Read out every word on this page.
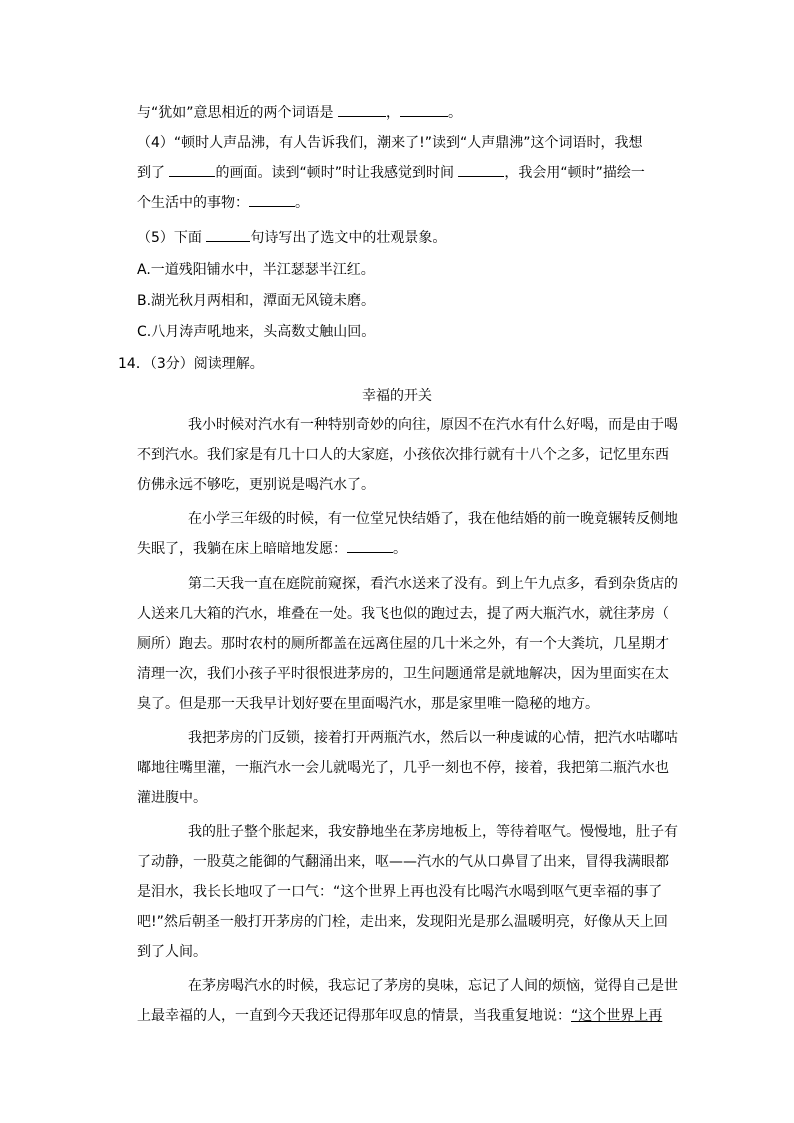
与“犹如”意思相近的两个词语是	，	。
（4）“顿时人声品沸，有人告诉我们，潮来了!”读到“人声鼎沸”这个词语时，我想
到了	的画面。读到“顿时”时让我感觉到时间	，我会用“顿时”描绘一
个生活中的事物：	。
（5）下面	句诗写出了选文中的壮观景象。
A.一道残阳铺水中，半江瑟瑟半江红。
B.湖光秋月两相和，潭面无风镜未磨。
C.八月涛声吼地来，头高数丈触山回。
14．（3分）阅读理解。
幸福的开关
我小时候对汽水有一种特别奇妙的向往，原因不在汽水有什么好喝，而是由于喝
不到汽水。我们家是有几十口人的大家庭，小孩依次排行就有十八个之多，记忆里东西
仿佛永远不够吃，更别说是喝汽水了。
在小学三年级的时候，有一位堂兄快结婚了，我在他结婚的前一晚竟辗转反侧地
失眠了，我躺在床上暗暗地发愿：	。
第二天我一直在庭院前窥探，看汽水送来了没有。到上午九点多，看到杂货店的
人送来几大箱的汽水，堆叠在一处。我飞也似的跑过去，提了两大瓶汽水，就往茅房（
厕所）跑去。那时农村的厕所都盖在远离住屋的几十米之外，有一个大粪坑，几星期才
清理一次，我们小孩子平时很恨进茅房的，卫生问题通常是就地解决，因为里面实在太
臭了。但是那一天我早计划好要在里面喝汽水，那是家里唯一隐秘的地方。
我把茅房的门反锁，接着打开两瓶汽水，然后以一种虔诚的心情，把汽水咕嘟咕
嘟地往嘴里灌，一瓶汽水一会儿就喝光了，几乎一刻也不停，接着，我把第二瓶汽水也
灌进腹中。
我的肚子整个胀起来，我安静地坐在茅房地板上，等待着呕气。慢慢地，肚子有
了动静，一股莫之能御的气翻涌出来，呕——汽水的气从口鼻冒了出来，冒得我满眼都
是泪水，我长长地叹了一口气：“这个世界上再也没有比喝汽水喝到呕气更幸福的事了
吧!”然后朝圣一般打开茅房的门栓，走出来，发现阳光是那么温暖明亮，好像从天上回
到了人间。
在茅房喝汽水的时候，我忘记了茅房的臭味，忘记了人间的烦恼，觉得自己是世
上最幸福的人，一直到今天我还记得那年叹息的情景，当我重复地说：“这个世界上再
